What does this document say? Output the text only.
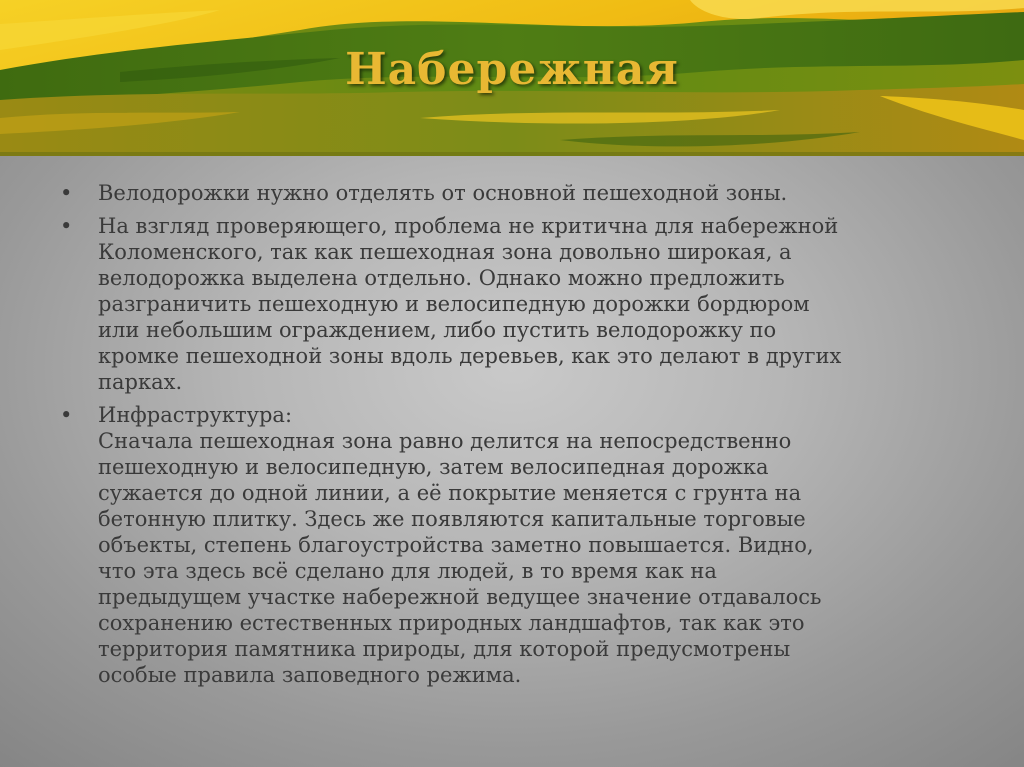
Набережная
•	Велодорожки нужно отделять от основной пешеходной зоны.
•	На взгляд проверяющего, проблема не критична для набережной
Коломенского, так как пешеходная зона довольно широкая, а
велодорожка выделена отдельно. Однако можно предложить
разграничить пешеходную и велосипедную дорожки бордюром
или небольшим ограждением, либо пустить велодорожку по
кромке пешеходной зоны вдоль деревьев, как это делают в других
парках.
•	Инфраструктура:
Сначала пешеходная зона равно делится на непосредственно
пешеходную и велосипедную, затем велосипедная дорожка
сужается до одной линии, а её покрытие меняется с грунта на
бетонную плитку. Здесь же появляются капитальные торговые
объекты, степень благоустройства заметно повышается. Видно,
что эта здесь всё сделано для людей, в то время как на
предыдущем участке набережной ведущее значение отдавалось
сохранению естественных природных ландшафтов, так как это
территория памятника природы, для которой предусмотрены
особые правила заповедного режима.
